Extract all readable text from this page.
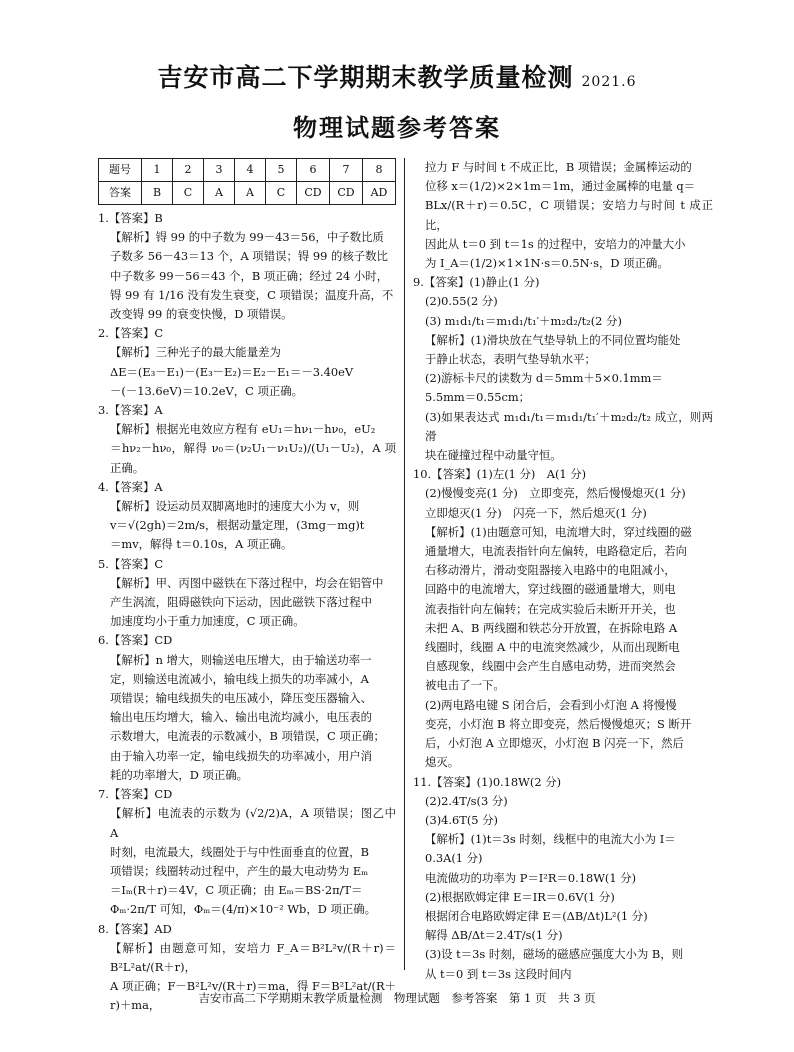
吉安市高二下学期期末教学质量检测 2021.6
物理试题参考答案
题号	1	2	3	4	5	6	7	8
答案	B	C	A	A	C	CD	CD	AD

1.【答案】B

【解析】锝 99 的中子数为 99－43＝56，中子数比质

子数多 56－43＝13 个，A 项错误；锝 99 的核子数比

中子数多 99－56＝43 个，B 项正确；经过 24 小时，

锝 99 有 1/16 没有发生衰变，C 项错误；温度升高，不

改变锝 99 的衰变快慢，D 项错误。

2.【答案】C

【解析】三种光子的最大能量差为

ΔE＝(E₃－E₁)－(E₃－E₂)＝E₂－E₁＝－3.40eV

－(－13.6eV)＝10.2eV，C 项正确。

3.【答案】A

【解析】根据光电效应方程有 eU₁＝hν₁－hν₀，eU₂

＝hν₂－hν₀，解得 ν₀＝(ν₂U₁－ν₁U₂)/(U₁－U₂)，A 项正确。

4.【答案】A

【解析】设运动员双脚离地时的速度大小为 v，则

v＝√(2gh)＝2m/s，根据动量定理，(3mg－mg)t

＝mv，解得 t＝0.10s，A 项正确。

5.【答案】C

【解析】甲、丙图中磁铁在下落过程中，均会在铝管中

产生涡流，阻碍磁铁向下运动，因此磁铁下落过程中

加速度均小于重力加速度，C 项正确。

6.【答案】CD

【解析】n 增大，则输送电压增大，由于输送功率一

定，则输送电流减小，输电线上损失的功率减小，A

项错误；输电线损失的电压减小，降压变压器输入、

输出电压均增大，输入、输出电流均减小，电压表的

示数增大，电流表的示数减小，B 项错误，C 项正确；

由于输入功率一定，输电线损失的功率减小，用户消

耗的功率增大，D 项正确。

7.【答案】CD

【解析】电流表的示数为 (√2/2)A，A 项错误；图乙中 A

时刻，电流最大，线圈处于与中性面垂直的位置，B

项错误；线圈转动过程中，产生的最大电动势为 Eₘ

＝Iₘ(R＋r)＝4V，C 项正确；由 Eₘ＝BS·2π/T＝

Φₘ·2π/T 可知，Φₘ＝(4/π)×10⁻² Wb，D 项正确。

8.【答案】AD

【解析】由题意可知，安培力 F_A＝B²L²v/(R＋r)＝B²L²at/(R＋r)，

A 项正确；F－B²L²v/(R＋r)＝ma，得 F＝B²L²at/(R＋r)＋ma，

拉力 F 与时间 t 不成正比，B 项错误；金属棒运动的

位移 x＝(1/2)×2×1m＝1m，通过金属棒的电量 q＝

BLx/(R＋r)＝0.5C，C 项错误；安培力与时间 t 成正比，

因此从 t＝0 到 t＝1s 的过程中，安培力的冲量大小

为 I_A＝(1/2)×1×1N·s＝0.5N·s，D 项正确。

9.【答案】(1)静止(1 分)

(2)0.55(2 分)

(3) m₁d₁/t₁＝m₁d₁/t₁′＋m₂d₂/t₂(2 分)

【解析】(1)滑块放在气垫导轨上的不同位置均能处

于静止状态，表明气垫导轨水平；

(2)游标卡尺的读数为 d＝5mm＋5×0.1mm＝

5.5mm＝0.55cm；

(3)如果表达式 m₁d₁/t₁＝m₁d₁/t₁′＋m₂d₂/t₂ 成立，则两滑

块在碰撞过程中动量守恒。

10.【答案】(1)左(1 分)　A(1 分)

(2)慢慢变亮(1 分)　立即变亮，然后慢慢熄灭(1 分)

立即熄灭(1 分)　闪亮一下，然后熄灭(1 分)

【解析】(1)由题意可知，电流增大时，穿过线圈的磁

通量增大，电流表指针向左偏转，电路稳定后，若向

右移动滑片，滑动变阻器接入电路中的电阻减小，

回路中的电流增大，穿过线圈的磁通量增大，则电

流表指针向左偏转；在完成实验后未断开开关，也

未把 A、B 两线圈和铁芯分开放置，在拆除电路 A

线圈时，线圈 A 中的电流突然减少，从而出现断电

自感现象，线圈中会产生自感电动势，进而突然会

被电击了一下。

(2)两电路电键 S 闭合后，会看到小灯泡 A 将慢慢

变亮，小灯泡 B 将立即变亮，然后慢慢熄灭；S 断开

后，小灯泡 A 立即熄灭，小灯泡 B 闪亮一下，然后

熄灭。

11.【答案】(1)0.18W(2 分)

(2)2.4T/s(3 分)

(3)4.6T(5 分)

【解析】(1)t＝3s 时刻，线框中的电流大小为 I＝

0.3A(1 分)

电流做功的功率为 P＝I²R＝0.18W(1 分)

(2)根据欧姆定律 E＝IR＝0.6V(1 分)

根据闭合电路欧姆定律 E＝(ΔB/Δt)L²(1 分)

解得 ΔB/Δt＝2.4T/s(1 分)

(3)设 t＝3s 时刻，磁场的磁感应强度大小为 B，则

从 t＝0 到 t＝3s 这段时间内

吉安市高二下学期期末教学质量检测　物理试题　参考答案　第 1 页　共 3 页
